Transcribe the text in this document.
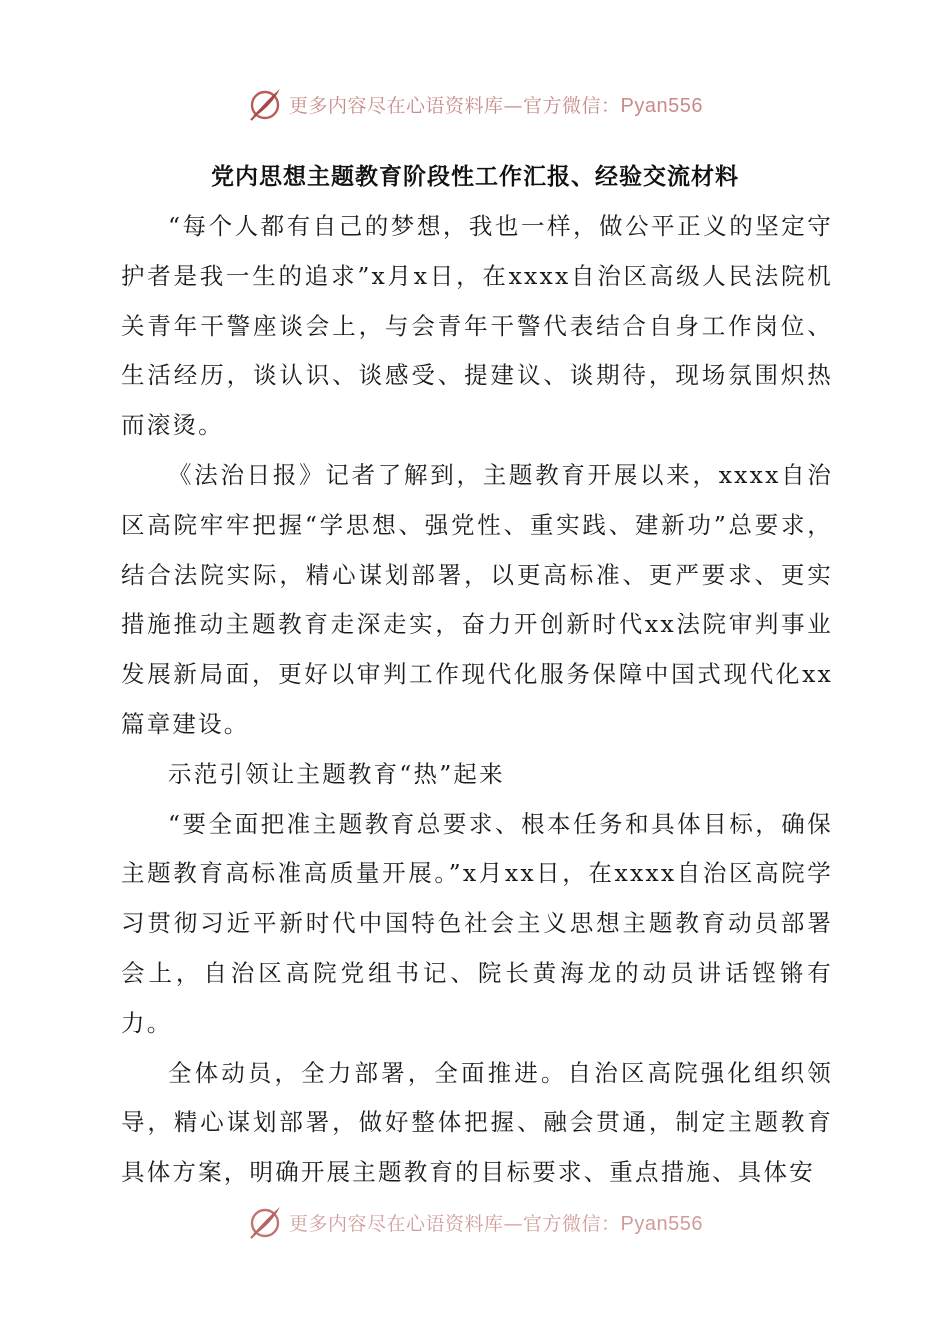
更多内容尽在心语资料库—官方微信：Pyan556
党内思想主题教育阶段性工作汇报、经验交流材料

“每个人都有自己的梦想，我也一样，做公平正义的坚定守护者是我一生的追求”x月x日，在xxxx自治区高级人民法院机关青年干警座谈会上，与会青年干警代表结合自身工作岗位、生活经历，谈认识、谈感受、提建议、谈期待，现场氛围炽热而滚烫。

《法治日报》记者了解到，主题教育开展以来，xxxx自治区高院牢牢把握“学思想、强党性、重实践、建新功”总要求，结合法院实际，精心谋划部署，以更高标准、更严要求、更实措施推动主题教育走深走实，奋力开创新时代xx法院审判事业发展新局面，更好以审判工作现代化服务保障中国式现代化xx篇章建设。

示范引领让主题教育“热”起来

“要全面把准主题教育总要求、根本任务和具体目标，确保主题教育高标准高质量开展。”x月xx日，在xxxx自治区高院学习贯彻习近平新时代中国特色社会主义思想主题教育动员部署会上，自治区高院党组书记、院长黄海龙的动员讲话铿锵有力。

全体动员，全力部署，全面推进。自治区高院强化组织领导，精心谋划部署，做好整体把握、融会贯通，制定主题教育具体方案，明确开展主题教育的目标要求、重点措施、具体安

更多内容尽在心语资料库—官方微信：Pyan556
